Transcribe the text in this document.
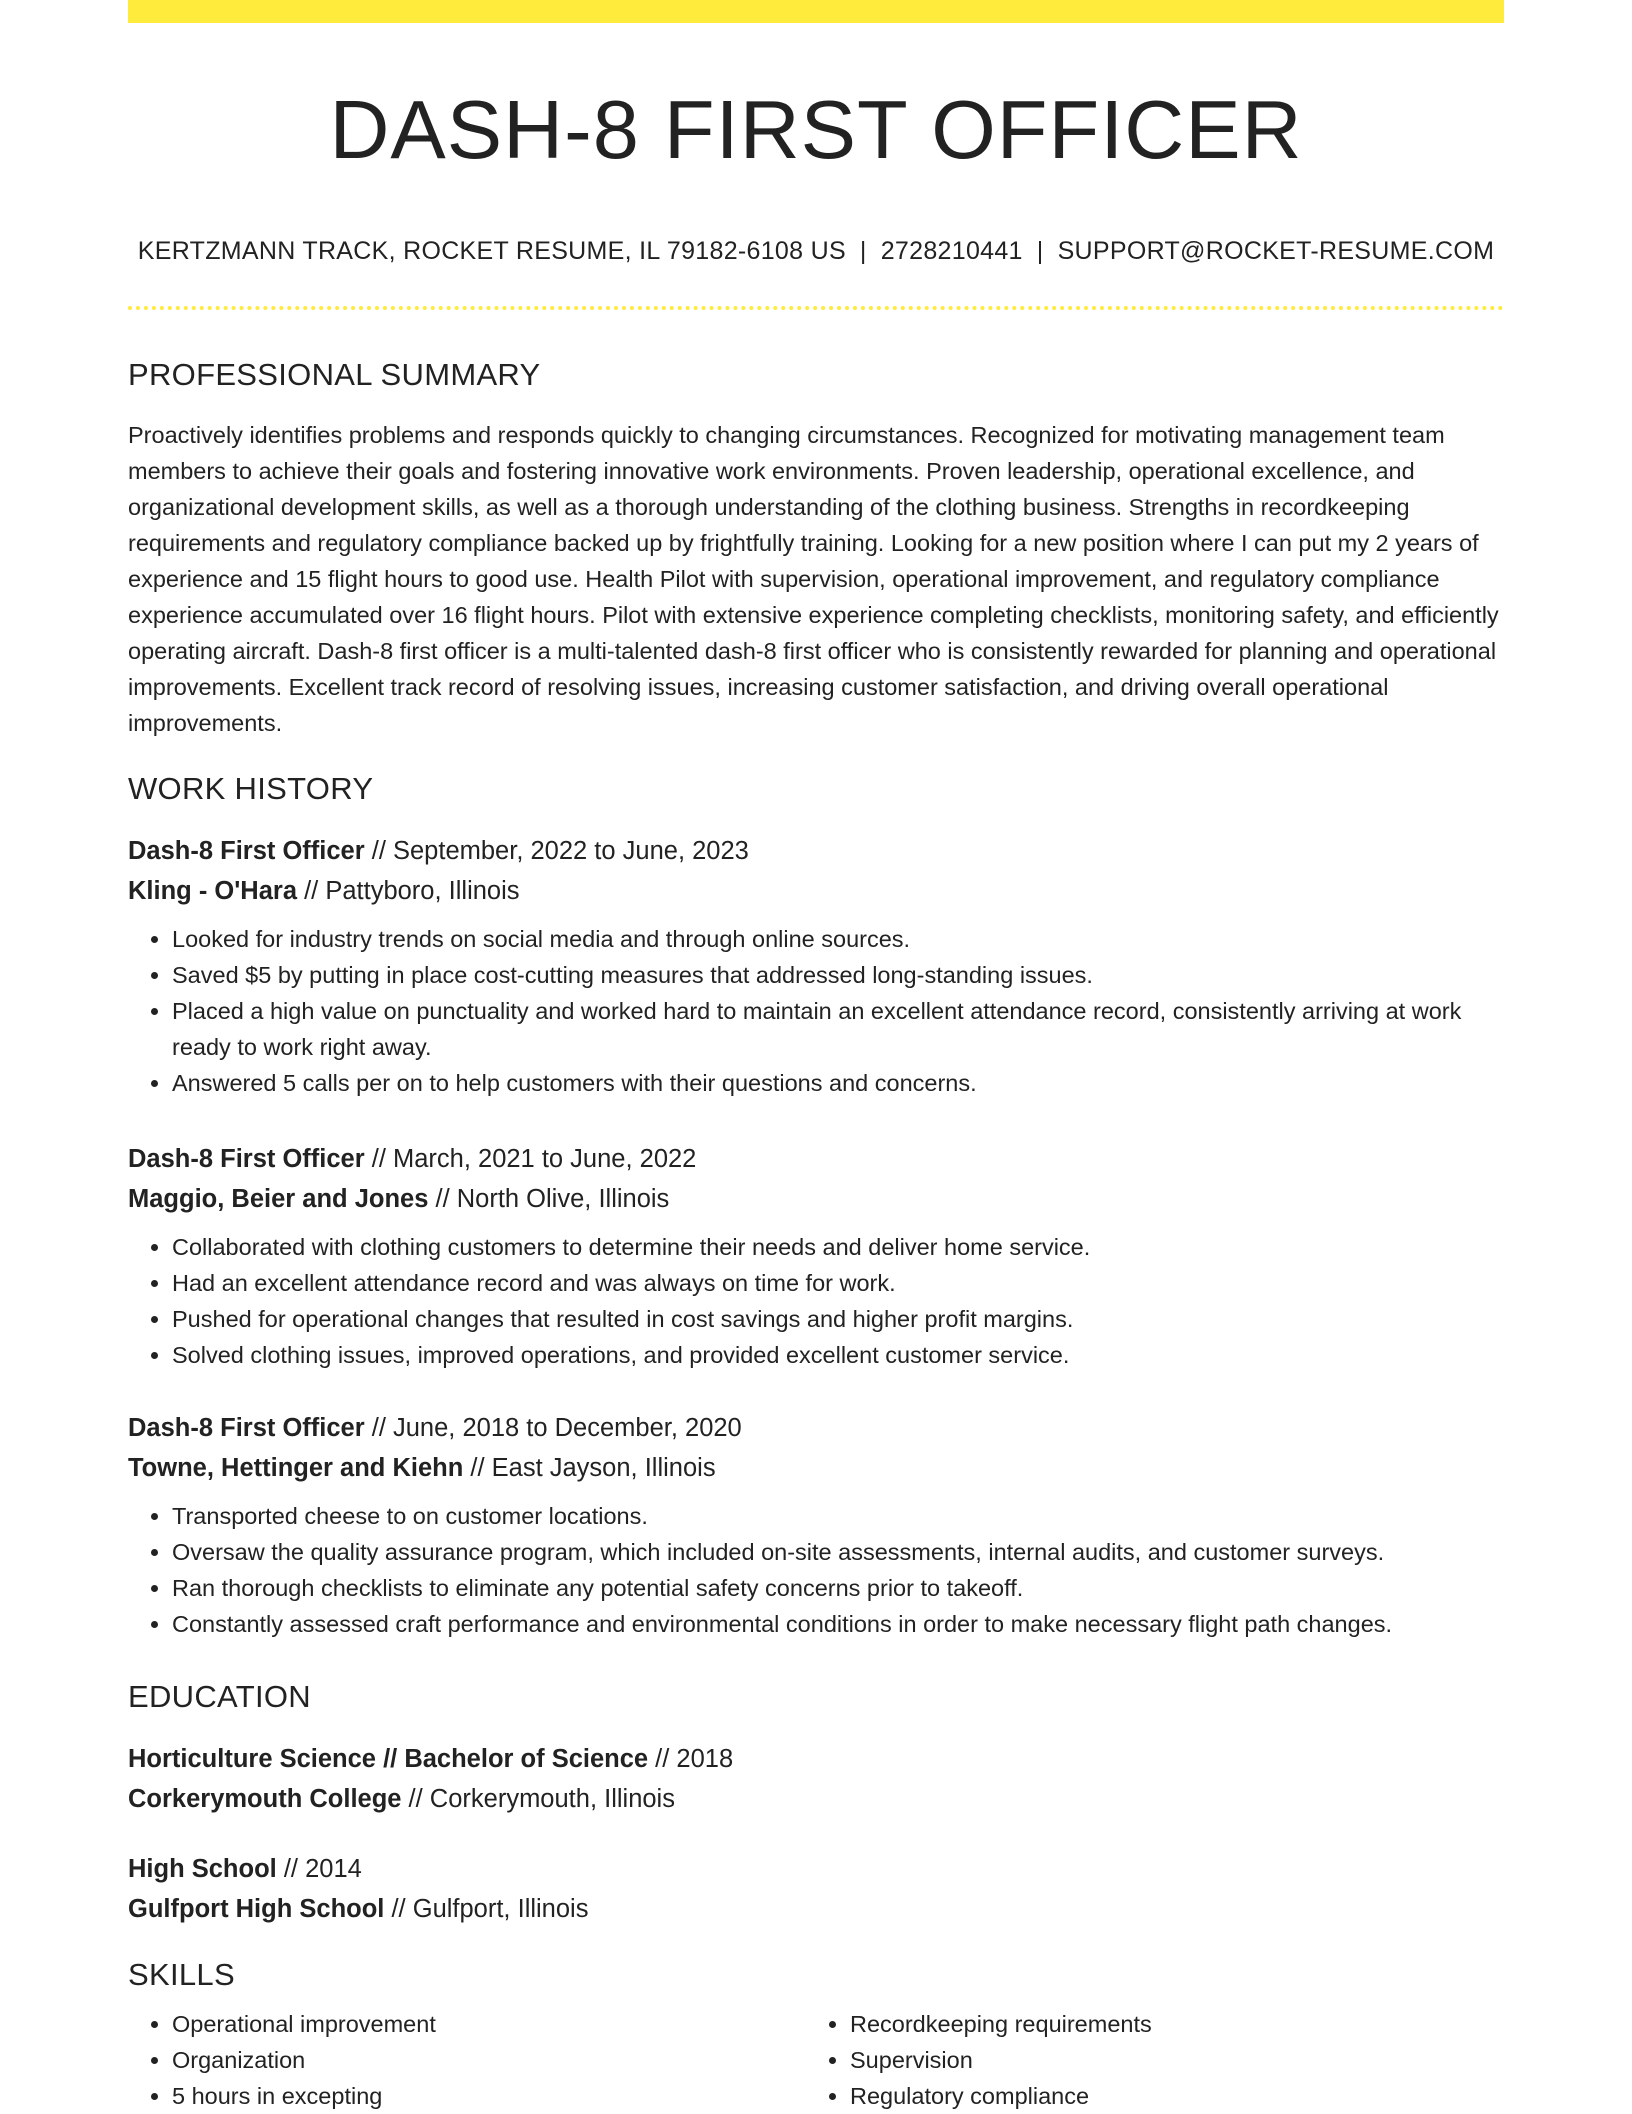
DASH-8 FIRST OFFICER
KERTZMANN TRACK, ROCKET RESUME, IL 79182-6108 US | 2728210441 | SUPPORT@ROCKET-RESUME.COM
PROFESSIONAL SUMMARY

Proactively identifies problems and responds quickly to changing circumstances. Recognized for motivating management team members to achieve their goals and fostering innovative work environments. Proven leadership, operational excellence, and organizational development skills, as well as a thorough understanding of the clothing business. Strengths in recordkeeping requirements and regulatory compliance backed up by frightfully training. Looking for a new position where I can put my 2 years of experience and 15 flight hours to good use. Health Pilot with supervision, operational improvement, and regulatory compliance experience accumulated over 16 flight hours. Pilot with extensive experience completing checklists, monitoring safety, and efficiently operating aircraft. Dash-8 first officer is a multi-talented dash-8 first officer who is consistently rewarded for planning and operational improvements. Excellent track record of resolving issues, increasing customer satisfaction, and driving overall operational improvements.

WORK HISTORY
Dash-8 First Officer // September, 2022 to June, 2023
Kling - O'Hara // Pattyboro, Illinois
• Looked for industry trends on social media and through online sources.
• Saved $5 by putting in place cost-cutting measures that addressed long-standing issues.
• Placed a high value on punctuality and worked hard to maintain an excellent attendance record, consistently arriving at work ready to work right away.
• Answered 5 calls per on to help customers with their questions and concerns.
Dash-8 First Officer // March, 2021 to June, 2022
Maggio, Beier and Jones // North Olive, Illinois
• Collaborated with clothing customers to determine their needs and deliver home service.
• Had an excellent attendance record and was always on time for work.
• Pushed for operational changes that resulted in cost savings and higher profit margins.
• Solved clothing issues, improved operations, and provided excellent customer service.
Dash-8 First Officer // June, 2018 to December, 2020
Towne, Hettinger and Kiehn // East Jayson, Illinois
• Transported cheese to on customer locations.
• Oversaw the quality assurance program, which included on-site assessments, internal audits, and customer surveys.
• Ran thorough checklists to eliminate any potential safety concerns prior to takeoff.
• Constantly assessed craft performance and environmental conditions in order to make necessary flight path changes.
EDUCATION
Horticulture Science // Bachelor of Science // 2018
Corkerymouth College // Corkerymouth, Illinois
High School // 2014
Gulfport High School // Gulfport, Illinois
SKILLS
• Operational improvement
• Organization
• 5 hours in excepting
• Recordkeeping requirements
• Supervision
• Regulatory compliance
